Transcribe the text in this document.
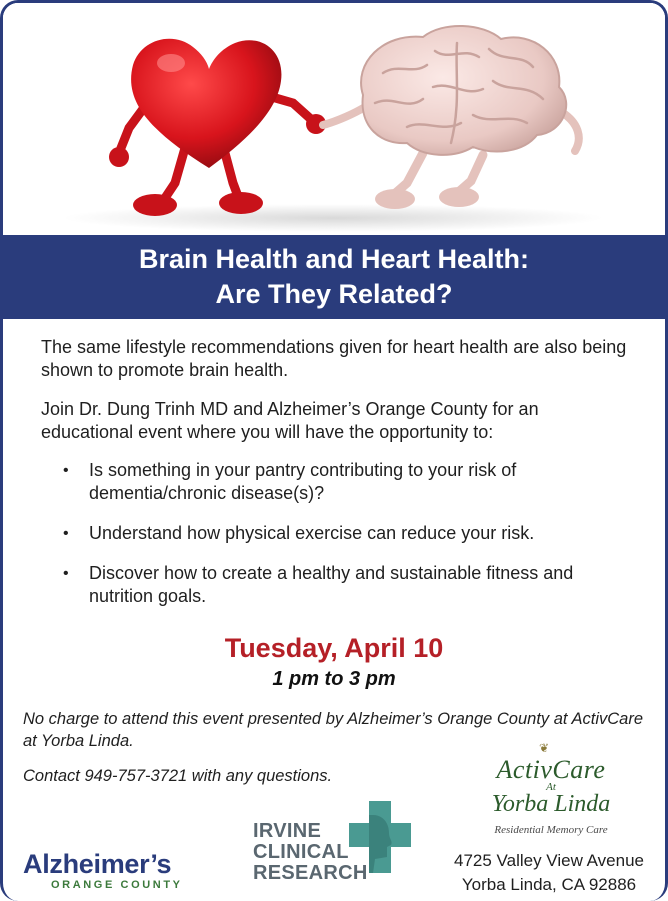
Brain Health and Heart Health:
Are They Related?

The same lifestyle recommendations given for heart health are also being shown to promote brain health.

Join Dr. Dung Trinh MD and Alzheimer’s Orange County for an educational event where you will have the opportunity to:

• Is something in your pantry contributing to your risk of dementia/chronic disease(s)?
• Understand how physical exercise can reduce your risk.
• Discover how to create a healthy and sustainable fitness and nutrition goals.
Tuesday, April 10
1 pm to 3 pm

No charge to attend this event presented by Alzheimer’s Orange County at ActivCare at Yorba Linda.

Contact 949-757-3721 with any questions.

❦
ActivCare
At
Yorba Linda
Residential Memory Care
IRVINE
CLINICAL
RESEARCH
Alzheimer’s
ORANGE COUNTY
4725 Valley View Avenue
Yorba Linda, CA 92886
